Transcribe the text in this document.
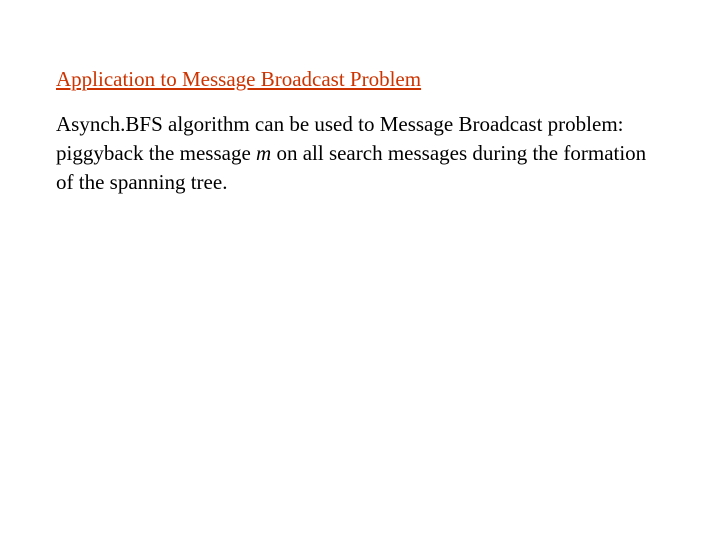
Application to Message Broadcast Problem

Asynch.BFS algorithm can be used to Message Broadcast problem: piggyback the message m on all search messages during the formation of the spanning tree.
